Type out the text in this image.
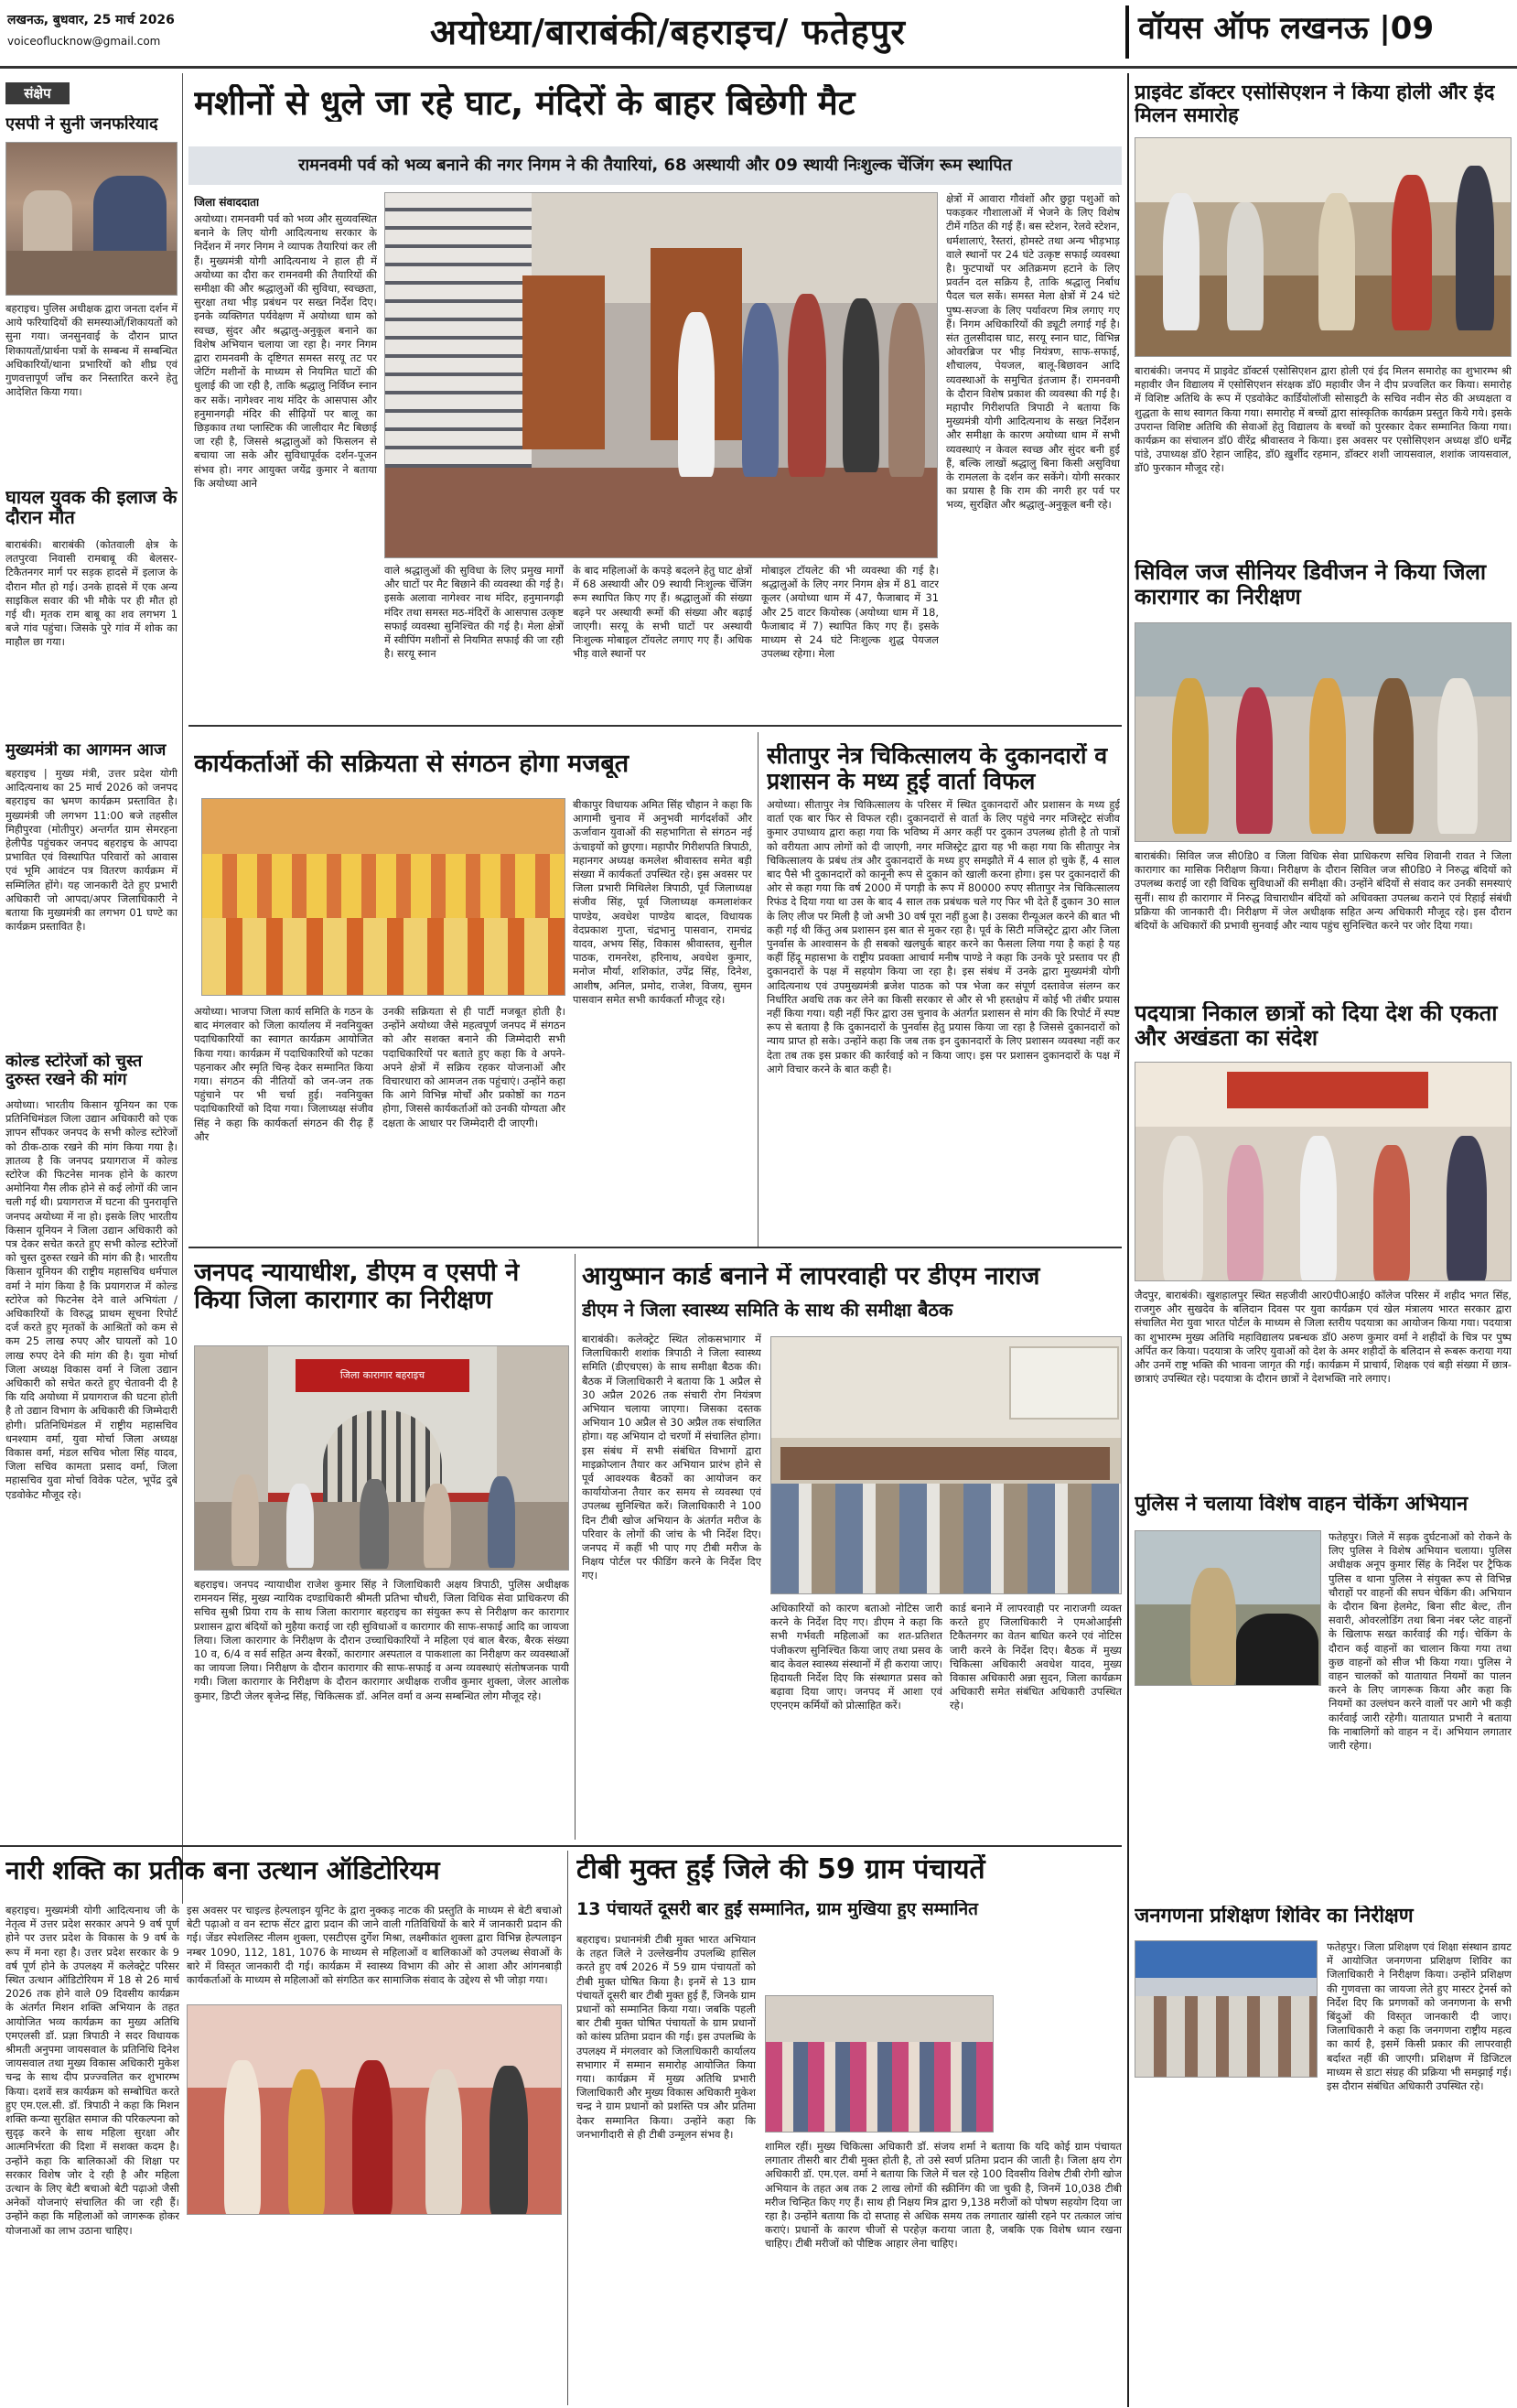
लखनऊ, बुधवार, 25 मार्च 2026
voiceoflucknow@gmail.com	अयोध्या/बाराबंकी/बहराइच/ फतेहपुर	वॉयस ऑफ लखनऊ |09
संक्षेप
एसपी ने सुनी जनफरियाद
बहराइच। पुलिस अधीक्षक द्वारा जनता दर्शन में आये फरियादियों की समस्याओं/शिकायतों को सुना गया। जनसुनवाई के दौरान प्राप्त शिकायतों/प्रार्थना पत्रों के सम्बन्ध में सम्बन्धित अधिकारियों/थाना प्रभारियों को शीघ्र एवं गुणवत्तापूर्ण जाँच कर निस्तारित करने हेतु आदेशित किया गया।
घायल युवक की इलाज के दौरान मौत
बाराबंकी। बाराबंकी (कोतवाली क्षेत्र के लतपुरवा निवासी रामबाबू की बेलसर-टिकैतनगर मार्ग पर सड़क हादसे में इलाज के दौरान मौत हो गई। उनके हादसे में एक अन्य साइकिल सवार की भी मौके पर ही मौत हो गई थी। मृतक राम बाबू का शव लगभग 1 बजे गांव पहुंचा। जिसके पुरे गांव में शोक का माहौल छा गया।
मुख्यमंत्री का आगमन आज
बहराइच | मुख्य मंत्री, उत्तर प्रदेश योगी आदित्यनाथ का 25 मार्च 2026 को जनपद बहराइच का भ्रमण कार्यक्रम प्रस्तावित है। मुख्यमंत्री जी लगभग 11:00 बजे तहसील मिहीपुरवा (मोतीपुर) अन्तर्गत ग्राम सेमरहना हेलीपैड पहुंचकर जनपद बहराइच के आपदा प्रभावित एवं विस्थापित परिवारों को आवास एवं भूमि आवंटन पत्र वितरण कार्यक्रम में सम्मिलित होंगे। यह जानकारी देते हुए प्रभारी अधिकारी जो आपदा/अपर जिलाधिकारी ने बताया कि मुख्यमंत्री का लगभग 01 घण्टे का कार्यक्रम प्रस्तावित है।
कोल्ड स्टोरेजों को चुस्त दुरुस्त रखने की मांग
अयोध्या। भारतीय किसान यूनियन का एक प्रतिनिधिमंडल जिला उद्यान अधिकारी को एक ज्ञापन सौंपकर जनपद के सभी कोल्ड स्टोरेजों को ठीक-ठाक रखने की मांग किया गया है। ज्ञातव्य है कि जनपद प्रयागराज में कोल्ड स्टोरेज की फिटनेस मानक होने के कारण अमोनिया गैस लीक होने से कई लोगों की जान चली गई थी। प्रयागराज में घटना की पुनरावृत्ति जनपद अयोध्या में ना हो। इसके लिए भारतीय किसान यूनियन ने जिला उद्यान अधिकारी को पत्र देकर सचेत करते हुए सभी कोल्ड स्टोरेजों को चुस्त दुरुस्त रखने की मांग की है। भारतीय किसान यूनियन की राष्ट्रीय महासचिव धर्मपाल वर्मा ने मांग किया है कि प्रयागराज में कोल्ड स्टोरेज को फिटनेस देने वाले अभियंता /अधिकारियों के विरुद्ध प्राथम सूचना रिपोर्ट दर्ज करते हुए मृतकों के आश्रितों को कम से कम 25 लाख रुपए और घायलों को 10 लाख रुपए देने की मांग की है। युवा मोर्चा जिला अध्यक्ष विकास वर्मा ने जिला उद्यान अधिकारी को सचेत करते हुए चेतावनी दी है कि यदि अयोध्या में प्रयागराज की घटना होती है तो उद्यान विभाग के अधिकारी की जिम्मेदारी होगी। प्रतिनिधिमंडल में राष्ट्रीय महासचिव धनश्याम वर्मा, युवा मोर्चा जिला अध्यक्ष विकास वर्मा, मंडल सचिव भोला सिंह यादव, जिला सचिव कामता प्रसाद वर्मा, जिला महासचिव युवा मोर्चा विवेक पटेल, भूपेंद्र दुबे एडवोकेट मौजूद रहे।
मशीनों से धुले जा रहे घाट, मंदिरों के बाहर बिछेगी मैट
रामनवमी पर्व को भव्य बनाने की नगर निगम ने की तैयारियां, 68 अस्थायी और 09 स्थायी निःशुल्क चेंजिंग रूम स्थापित
जिला संवाददाता
अयोध्या। रामनवमी पर्व को भव्य और सुव्यवस्थित बनाने के लिए योगी आदित्यनाथ सरकार के निर्देशन में नगर निगम ने व्यापक तैयारियां कर ली हैं। मुख्यमंत्री योगी आदित्यनाथ ने हाल ही में अयोध्या का दौरा कर रामनवमी की तैयारियों की समीक्षा की और श्रद्धालुओं की सुविधा, स्वच्छता, सुरक्षा तथा भीड़ प्रबंधन पर सख्त निर्देश दिए। इनके व्यक्तिगत पर्यवेक्षण में अयोध्या धाम को स्वच्छ, सुंदर और श्रद्धालु-अनुकूल बनाने का विशेष अभियान चलाया जा रहा है। नगर निगम द्वारा रामनवमी के दृष्टिगत समस्त सरयू तट पर जेटिंग मशीनों के माध्यम से नियमित घाटों की धुलाई की जा रही है, ताकि श्रद्धालु निर्विघ्न स्नान कर सकें। नागेश्वर नाथ मंदिर के आसपास और हनुमानगढ़ी मंदिर की सीढ़ियों पर बालू का छिड़काव तथा प्लास्टिक की जालीदार मैट बिछाई जा रही है, जिससे श्रद्धालुओं को फिसलन से बचाया जा सके और सुविधापूर्वक दर्शन-पूजन संभव हो। नगर आयुक्त जयेंद्र कुमार ने बताया कि अयोध्या आने
वाले श्रद्धालुओं की सुविधा के लिए प्रमुख मार्गों और घाटों पर मैट बिछाने की व्यवस्था की गई है। इसके अलावा नागेश्वर नाथ मंदिर, हनुमानगढ़ी मंदिर तथा समस्त मठ-मंदिरों के आसपास उत्कृष्ट सफाई व्यवस्था सुनिश्चित की गई है। मेला क्षेत्रों में स्वीपिंग मशीनों से नियमित सफाई की जा रही है। सरयू स्नान
के बाद महिलाओं के कपड़े बदलने हेतु घाट क्षेत्रों में 68 अस्थायी और 09 स्थायी निःशुल्क चेंजिंग रूम स्थापित किए गए हैं। श्रद्धालुओं की संख्या बढ़ने पर अस्थायी रूमों की संख्या और बढ़ाई जाएगी। सरयू के सभी घाटों पर अस्थायी निःशुल्क मोबाइल टॉयलेट लगाए गए हैं। अधिक भीड़ वाले स्थानों पर
मोबाइल टॉयलेट की भी व्यवस्था की गई है। श्रद्धालुओं के लिए नगर निगम क्षेत्र में 81 वाटर कूलर (अयोध्या धाम में 47, फैजाबाद में 31 और 25 वाटर कियोस्क (अयोध्या धाम में 18, फैजाबाद में 7) स्थापित किए गए हैं। इसके माध्यम से 24 घंटे निःशुल्क शुद्ध पेयजल उपलब्ध रहेगा। मेला
क्षेत्रों में आवारा गौवंशों और छुट्टा पशुओं को पकड़कर गौशालाओं में भेजने के लिए विशेष टीमें गठित की गई हैं। बस स्टेशन, रेलवे स्टेशन, धर्मशालाएं, रैस्तरां, होमस्टे तथा अन्य भीड़भाड़ वाले स्थानों पर 24 घंटे उत्कृष्ट सफाई व्यवस्था है। फुटपाथों पर अतिक्रमण हटाने के लिए प्रवर्तन दल सक्रिय है, ताकि श्रद्धालु निर्बाध पैदल चल सकें। समस्त मेला क्षेत्रों में 24 घंटे पुष्प-सज्जा के लिए पर्यावरण मित्र लगाए गए हैं। निगम अधिकारियों की ड्यूटी लगाई गई है। संत तुलसीदास घाट, सरयू स्नान घाट, विभिन्न ओवरब्रिज पर भीड़ नियंत्रण, साफ-सफाई, शौचालय, पेयजल, बालू-बिछावन आदि व्यवस्थाओं के समुचित इंतजाम हैं। रामनवमी के दौरान विशेष प्रकाश की व्यवस्था की गई है। महापौर गिरीशपति त्रिपाठी ने बताया कि मुख्यमंत्री योगी आदित्यनाथ के सख्त निर्देशन और समीक्षा के कारण अयोध्या धाम में सभी व्यवस्थाएं न केवल स्वच्छ और सुंदर बनी हुई हैं, बल्कि लाखों श्रद्धालु बिना किसी असुविधा के रामलला के दर्शन कर सकेंगे। योगी सरकार का प्रयास है कि राम की नगरी हर पर्व पर भव्य, सुरक्षित और श्रद्धालु-अनुकूल बनी रहे।
कार्यकर्ताओं की सक्रियता से संगठन होगा मजबूत
अयोध्या। भाजपा जिला कार्य समिति के गठन के बाद मंगलवार को जिला कार्यालय में नवनियुक्त पदाधिकारियों का स्वागत कार्यक्रम आयोजित किया गया। कार्यक्रम में पदाधिकारियों को पटका पहनाकर और स्मृति चिन्ह देकर सम्मानित किया गया। संगठन की नीतियों को जन-जन तक पहुंचाने पर भी चर्चा हुई। नवनियुक्त पदाधिकारियों को दिया गया। जिलाध्यक्ष संजीव सिंह ने कहा कि कार्यकर्ता संगठन की रीढ़ हैं और
उनकी सक्रियता से ही पार्टी मजबूत होती है। उन्होंने अयोध्या जैसे महत्वपूर्ण जनपद में संगठन को और सशक्त बनाने की जिम्मेदारी सभी पदाधिकारियों पर बताते हुए कहा कि वे अपने-अपने क्षेत्रों में सक्रिय रहकर योजनाओं और विचारधारा को आमजन तक पहुंचाएं। उन्होंने कहा कि आगे विभिन्न मोर्चों और प्रकोष्ठों का गठन होगा, जिससे कार्यकर्ताओं को उनकी योग्यता और दक्षता के आधार पर जिम्मेदारी दी जाएगी।
बीकापुर विधायक अमित सिंह चौहान ने कहा कि आगामी चुनाव में अनुभवी मार्गदर्शकों और ऊर्जावान युवाओं की सहभागिता से संगठन नई ऊंचाइयों को छुएगा। महापौर गिरीशपति त्रिपाठी, महानगर अध्यक्ष कमलेश श्रीवास्तव समेत बड़ी संख्या में कार्यकर्ता उपस्थित रहे। इस अवसर पर जिला प्रभारी मिथिलेश त्रिपाठी, पूर्व जिलाध्यक्ष संजीव सिंह, पूर्व जिलाध्यक्ष कमलाशंकर पाण्डेय, अवधेश पाण्डेय बादल, विधायक वेदप्रकाश गुप्ता, चंद्रभानु पासवान, रामचंद्र यादव, अभय सिंह, विकास श्रीवास्तव, सुनील पाठक, रामनरेश, हरिनाथ, अवधेश कुमार, मनोज मौर्या, शशिकांत, उपेंद्र सिंह, दिनेश, आशीष, अनिल, प्रमोद, राजेश, विजय, सुमन पासवान समेत सभी कार्यकर्ता मौजूद रहे।
सीतापुर नेत्र चिकित्सालय के दुकानदारों व प्रशासन के मध्य हुई वार्ता विफल
अयोध्या। सीतापुर नेत्र चिकित्सालय के परिसर में स्थित दुकानदारों और प्रशासन के मध्य हुई वार्ता एक बार फिर से विफल रही। दुकानदारों से वार्ता के लिए पहुंचे नगर मजिस्ट्रेट संजीव कुमार उपाध्याय द्वारा कहा गया कि भविष्य में अगर कहीं पर दुकान उपलब्ध होती है तो पात्रों को वरीयता आप लोगों को दी जाएगी, नगर मजिस्ट्रेट द्वारा यह भी कहा गया कि सीतापुर नेत्र चिकित्सालय के प्रबंध तंत्र और दुकानदारों के मध्य हुए समझौते में 4 साल हो चुके हैं, 4 साल बाद पैसे भी दुकानदारों को कानूनी रूप से दुकान को खाली करना होगा। इस पर दुकानदारों की ओर से कहा गया कि वर्ष 2000 में पगड़ी के रूप में 80000 रुपए सीतापुर नेत्र चिकित्सालय रिफंड दे दिया गया था उस के बाद 4 साल तक प्रबंधक चले गए फिर भी देते हैं दुकान 30 साल के लिए लीज पर मिली है जो अभी 30 वर्ष पूरा नहीं हुआ है। उसका रीन्यूअल करने की बात भी कही गई थी किंतु अब प्रशासन इस बात से मुकर रहा है। पूर्व के सिटी मजिस्ट्रेट द्वारा और जिला पुनर्वास के आश्वासन के ही सबको खलघुर्क बाहर करने का फैसला लिया गया है कहां है यह कहीं हिंदू महासभा के राष्ट्रीय प्रवक्ता आचार्य मनीष पाण्डे ने कहा कि उनके पूरे प्रस्ताव पर ही दुकानदारों के पक्ष में सहयोग किया जा रहा है। इस संबंध में उनके द्वारा मुख्यमंत्री योगी आदित्यनाथ एवं उपमुख्यमंत्री ब्रजेश पाठक को पत्र भेजा कर संपूर्ण दस्तावेज संलग्न कर निर्धारित अवधि तक कर लेने का किसी सरकार से और से भी हस्तक्षेप में कोई भी तंबीर प्रयास नहीं किया गया। यही नहीं फिर द्वारा उस चुनाव के अंतर्गत प्रशासन से मांग की कि रिपोर्ट में स्पष्ट रूप से बताया है कि दुकानदारों के पुनर्वास हेतु प्रयास किया जा रहा है जिससे दुकानदारों को न्याय प्राप्त हो सके। उन्होंने कहा कि जब तक इन दुकानदारों के लिए प्रशासन व्यवस्था नहीं कर देता तब तक इस प्रकार की कार्रवाई को न किया जाए। इस पर प्रशासन दुकानदारों के पक्ष में आगे विचार करने के बात कही है।
जनपद न्यायाधीश, डीएम व एसपी ने किया जिला कारागार का निरीक्षण
जिला कारागार बहराइच
बहराइच। जनपद न्यायाधीश राजेश कुमार सिंह ने जिलाधिकारी अक्षय त्रिपाठी, पुलिस अधीक्षक रामनयन सिंह, मुख्य न्यायिक दण्डाधिकारी श्रीमती प्रतिभा चौधरी, जिला विधिक सेवा प्राधिकरण की सचिव सुश्री प्रिया राय के साथ जिला कारागार बहराइच का संयुक्त रूप से निरीक्षण कर कारागार प्रशासन द्वारा बंदियों को मुहैया कराई जा रही सुविधाओं व कारागार की साफ-सफाई आदि का जायजा लिया। जिला कारागार के निरीक्षण के दौरान उच्चाधिकारियों ने महिला एवं बाल बैरक, बैरक संख्या 10 व, 6/4 व सर्व सहित अन्य बैरकों, कारागार अस्पताल व पाकशाला का निरीक्षण कर व्यवस्थाओं का जायजा लिया। निरीक्षण के दौरान कारागार की साफ-सफाई व अन्य व्यवस्थाएं संतोषजनक पायी गयी। जिला कारागार के निरीक्षण के दौरान कारागार अधीक्षक राजीव कुमार शुक्ला, जेलर आलोक कुमार, डिप्टी जेलर बृजेन्द्र सिंह, चिकित्सक डॉ. अनिल वर्मा व अन्य सम्बन्धित लोग मौजूद रहे।
आयुष्मान कार्ड बनाने में लापरवाही पर डीएम नाराज
डीएम ने जिला स्वास्थ्य समिति के साथ की समीक्षा बैठक
बाराबंकी। कलेक्ट्रेट स्थित लोकसभागार में जिलाधिकारी शशांक त्रिपाठी ने जिला स्वास्थ्य समिति (डीएचएस) के साथ समीक्षा बैठक की। बैठक में जिलाधिकारी ने बताया कि 1 अप्रैल से 30 अप्रैल 2026 तक संचारी रोग नियंत्रण अभियान चलाया जाएगा। जिसका दस्तक अभियान 10 अप्रैल से 30 अप्रैल तक संचालित होगा। यह अभियान दो चरणों में संचालित होगा। इस संबंध में सभी संबंधित विभागों द्वारा माइक्रोप्लान तैयार कर अभियान प्रारंभ होने से पूर्व आवश्यक बैठकों का आयोजन कर कार्यायोजना तैयार कर समय से व्यवस्था एवं उपलब्ध सुनिश्चित करें। जिलाधिकारी ने 100 दिन टीबी खोज अभियान के अंतर्गत मरीज के परिवार के लोगों की जांच के भी निर्देश दिए। जनपद में कहीं भी पाए गए टीबी मरीज के निक्षय पोर्टल पर फीडिंग करने के निर्देश दिए गए।
अधिकारियों को कारण बताओ नोटिस जारी करने के निर्देश दिए गए। डीएम ने कहा कि सभी गर्भवती महिलाओं का शत-प्रतिशत पंजीकरण सुनिश्चित किया जाए तथा प्रसव के बाद केवल स्वास्थ्य संस्थानों में ही कराया जाए। हिदायती निर्देश दिए कि संस्थागत प्रसव को बढ़ावा दिया जाए। जनपद में आशा एवं एएनएम कर्मियों को प्रोत्साहित करें।
कार्ड बनाने में लापरवाही पर नाराजगी व्यक्त करते हुए जिलाधिकारी ने एमओआईसी टिकैतनगर का वेतन बाधित करने एवं नोटिस जारी करने के निर्देश दिए। बैठक में मुख्य चिकित्सा अधिकारी अवधेश यादव, मुख्य विकास अधिकारी अन्ना सुदन, जिला कार्यक्रम अधिकारी समेत संबंधित अधिकारी उपस्थित रहे।
नारी शक्ति का प्रतीक बना उत्थान ऑडिटोरियम
बहराइच। मुख्यमंत्री योगी आदित्यनाथ जी के नेतृत्व में उत्तर प्रदेश सरकार अपने 9 वर्ष पूर्ण होने पर उत्तर प्रदेश के विकास के 9 वर्ष के रूप में मना रहा है। उत्तर प्रदेश सरकार के 9 वर्ष पूर्ण होने के उपलक्ष्य में कलेक्ट्रेट परिसर स्थित उत्थान ऑडिटोरियम में 18 से 26 मार्च 2026 तक होने वाले 09 दिवसीय कार्यक्रम के अंतर्गत मिशन शक्ति अभियान के तहत आयोजित भव्य कार्यक्रम का मुख्य अतिथि एमएलसी डॉ. प्रज्ञा त्रिपाठी ने सदर विधायक श्रीमती अनुपमा जायसवाल के प्रतिनिधि दिनेश जायसवाल तथा मुख्य विकास अधिकारी मुकेश चन्द्र के साथ दीप प्रज्ज्वलित कर शुभारम्भ किया। दशवें सत्र कार्यक्रम को सम्बोधित करते हुए एम.एल.सी. डॉ. त्रिपाठी ने कहा कि मिशन शक्ति कन्या सुरक्षित समाज की परिकल्पना को सुदृढ़ करने के साथ महिला सुरक्षा और आत्मनिर्भरता की दिशा में सशक्त कदम है। उन्होंने कहा कि बालिकाओं की शिक्षा पर सरकार विशेष जोर दे रही है और महिला उत्थान के लिए बेटी बचाओ बेटी पढ़ाओ जैसी अनेकों योजनाएं संचालित की जा रही हैं। उन्होंने कहा कि महिलाओं को जागरूक होकर योजनाओं का लाभ उठाना चाहिए।
इस अवसर पर चाइल्ड हेल्पलाइन यूनिट के द्वारा नुक्कड़ नाटक की प्रस्तुति के माध्यम से बेटी बचाओ बेटी पढ़ाओ व वन स्टाफ सेंटर द्वारा प्रदान की जाने वाली गतिविधियों के बारे में जानकारी प्रदान की गई। जेंडर स्पेशलिस्ट नीलम शुक्ला, एसटीएस दुर्गेश मिश्रा, लक्ष्मीकांत शुक्ला द्वारा विभिन्न हेल्पलाइन नम्बर 1090, 112, 181, 1076 के माध्यम से महिलाओं व बालिकाओं को उपलब्ध सेवाओं के बारे में विस्तृत जानकारी दी गई। कार्यक्रम में स्वास्थ्य विभाग की ओर से आशा और आंगनबाड़ी कार्यकर्ताओं के माध्यम से महिलाओं को संगठित कर सामाजिक संवाद के उद्देश्य से भी जोड़ा गया।
टीबी मुक्त हुईं जिले की 59 ग्राम पंचायतें
13 पंचायतें दूसरी बार हुईं सम्मानित, ग्राम मुखिया हुए सम्मानित
बहराइच। प्रधानमंत्री टीबी मुक्त भारत अभियान के तहत जिले ने उल्लेखनीय उपलब्धि हासिल करते हुए वर्ष 2026 में 59 ग्राम पंचायतों को टीबी मुक्त घोषित किया है। इनमें से 13 ग्राम पंचायतें दूसरी बार टीबी मुक्त हुई हैं, जिनके ग्राम प्रधानों को सम्मानित किया गया। जबकि पहली बार टीबी मुक्त घोषित पंचायतों के ग्राम प्रधानों को कांस्य प्रतिमा प्रदान की गई। इस उपलब्धि के उपलक्ष्य में मंगलवार को जिलाधिकारी कार्यालय सभागार में सम्मान समारोह आयोजित किया गया। कार्यक्रम में मुख्य अतिथि प्रभारी जिलाधिकारी और मुख्य विकास अधिकारी मुकेश चन्द्र ने ग्राम प्रधानों को प्रशस्ति पत्र और प्रतिमा देकर सम्मानित किया। उन्होंने कहा कि जनभागीदारी से ही टीबी उन्मूलन संभव है।
शामिल रहीं। मुख्य चिकित्सा अधिकारी डॉ. संजय शर्मा ने बताया कि यदि कोई ग्राम पंचायत लगातार तीसरी बार टीबी मुक्त होती है, तो उसे स्वर्ण प्रतिमा प्रदान की जाती है। जिला क्षय रोग अधिकारी डॉ. एम.एल. वर्मा ने बताया कि जिले में चल रहे 100 दिवसीय विशेष टीबी रोगी खोज अभियान के तहत अब तक 2 लाख लोगों की स्क्रीनिंग की जा चुकी है, जिनमें 10,038 टीबी मरीज चिन्हित किए गए हैं। साथ ही निक्षय मित्र द्वारा 9,138 मरीजों को पोषण सहयोग दिया जा रहा है। उन्होंने बताया कि दो सप्ताह से अधिक समय तक लगातार खांसी रहने पर तत्काल जांच कराएं। प्रधानों के कारण चीजों से परहेज़ कराया जाता है, जबकि एक विशेष ध्यान रखना चाहिए। टीबी मरीजों को पौष्टिक आहार लेना चाहिए।
प्राइवेट डॉक्टर एसोसिएशन ने किया होली और ईद मिलन समारोह
बाराबंकी। जनपद में प्राइवेट डॉक्टर्स एसोसिएशन द्वारा होली एवं ईद मिलन समारोह का शुभारम्भ श्री महावीर जैन विद्यालय में एसोसिएशन संरक्षक डॉ0 महावीर जैन ने दीप प्रज्वलित कर किया। समारोह में विशिष्ट अतिथि के रूप में एडवोकेट कार्डियोलॉजी सोसाइटी के सचिव नवीन सेठ की अध्यक्षता व शुद्धता के साथ स्वागत किया गया। समारोह में बच्चों द्वारा सांस्कृतिक कार्यक्रम प्रस्तुत किये गये। इसके उपरान्त विशिष्ट अतिथि की सेवाओं हेतु विद्यालय के बच्चों को पुरस्कार देकर सम्मानित किया गया। कार्यक्रम का संचालन डॉ0 वीरेंद्र श्रीवास्तव ने किया। इस अवसर पर एसोसिएशन अध्यक्ष डॉ0 धर्मेंद्र पांडे, उपाध्यक्ष डॉ0 रेहान जाहिद, डॉ0 ख़ुर्शीद रहमान, डॉक्टर शशी जायसवाल, शशांक जायसवाल, डॉ0 फुरकान मौजूद रहे।
सिविल जज सीनियर डिवीजन ने किया जिला कारागार का निरीक्षण
बाराबंकी। सिविल जज सी0डि0 व जिला विधिक सेवा प्राधिकरण सचिव शिवानी रावत ने जिला कारागार का मासिक निरीक्षण किया। निरीक्षण के दौरान सिविल जज सी0डि0 ने निरुद्ध बंदियों को उपलब्ध कराई जा रही विधिक सुविधाओं की समीक्षा की। उन्होंने बंदियों से संवाद कर उनकी समस्याएं सुनीं। साथ ही कारागार में निरुद्ध विचाराधीन बंदियों को अधिवक्ता उपलब्ध कराने एवं रिहाई संबंधी प्रक्रिया की जानकारी दी। निरीक्षण में जेल अधीक्षक सहित अन्य अधिकारी मौजूद रहे। इस दौरान बंदियों के अधिकारों की प्रभावी सुनवाई और न्याय पहुंच सुनिश्चित करने पर जोर दिया गया।
पदयात्रा निकाल छात्रों को दिया देश की एकता और अखंडता का संदेश
जैदपुर, बाराबंकी। खुशहालपुर स्थित सहजीवी आर0पी0आई0 कॉलेज परिसर में शहीद भगत सिंह, राजगुरु और सुखदेव के बलिदान दिवस पर युवा कार्यक्रम एवं खेल मंत्रालय भारत सरकार द्वारा संचालित मेरा युवा भारत पोर्टल के माध्यम से जिला स्तरीय पदयात्रा का आयोजन किया गया। पदयात्रा का शुभारम्भ मुख्य अतिथि महाविद्यालय प्रबन्धक डॉ0 अरुण कुमार वर्मा ने शहीदों के चित्र पर पुष्प अर्पित कर किया। पदयात्रा के जरिए युवाओं को देश के अमर शहीदों के बलिदान से रूबरू कराया गया और उनमें राष्ट्र भक्ति की भावना जागृत की गई। कार्यक्रम में प्राचार्य, शिक्षक एवं बड़ी संख्या में छात्र-छात्राएं उपस्थित रहे। पदयात्रा के दौरान छात्रों ने देशभक्ति नारे लगाए।
पुलिस ने चलाया विशेष वाहन चेकिंग अभियान
फतेहपुर। जिले में सड़क दुर्घटनाओं को रोकने के लिए पुलिस ने विशेष अभियान चलाया। पुलिस अधीक्षक अनूप कुमार सिंह के निर्देश पर ट्रैफिक पुलिस व थाना पुलिस ने संयुक्त रूप से विभिन्न चौराहों पर वाहनों की सघन चेकिंग की। अभियान के दौरान बिना हेलमेट, बिना सीट बेल्ट, तीन सवारी, ओवरलोडिंग तथा बिना नंबर प्लेट वाहनों के खिलाफ सख्त कार्रवाई की गई। चेकिंग के दौरान कई वाहनों का चालान किया गया तथा कुछ वाहनों को सीज भी किया गया। पुलिस ने वाहन चालकों को यातायात नियमों का पालन करने के लिए जागरूक किया और कहा कि नियमों का उल्लंघन करने वालों पर आगे भी कड़ी कार्रवाई जारी रहेगी। यातायात प्रभारी ने बताया कि नाबालिगों को वाहन न दें। अभियान लगातार जारी रहेगा।
जनगणना प्रशिक्षण शिविर का निरीक्षण
फतेहपुर। जिला प्रशिक्षण एवं शिक्षा संस्थान डायट में आयोजित जनगणना प्रशिक्षण शिविर का जिलाधिकारी ने निरीक्षण किया। उन्होंने प्रशिक्षण की गुणवत्ता का जायजा लेते हुए मास्टर ट्रेनर्स को निर्देश दिए कि प्रगणकों को जनगणना के सभी बिंदुओं की विस्तृत जानकारी दी जाए। जिलाधिकारी ने कहा कि जनगणना राष्ट्रीय महत्व का कार्य है, इसमें किसी प्रकार की लापरवाही बर्दाश्त नहीं की जाएगी। प्रशिक्षण में डिजिटल माध्यम से डाटा संग्रह की प्रक्रिया भी समझाई गई। इस दौरान संबंधित अधिकारी उपस्थित रहे।
